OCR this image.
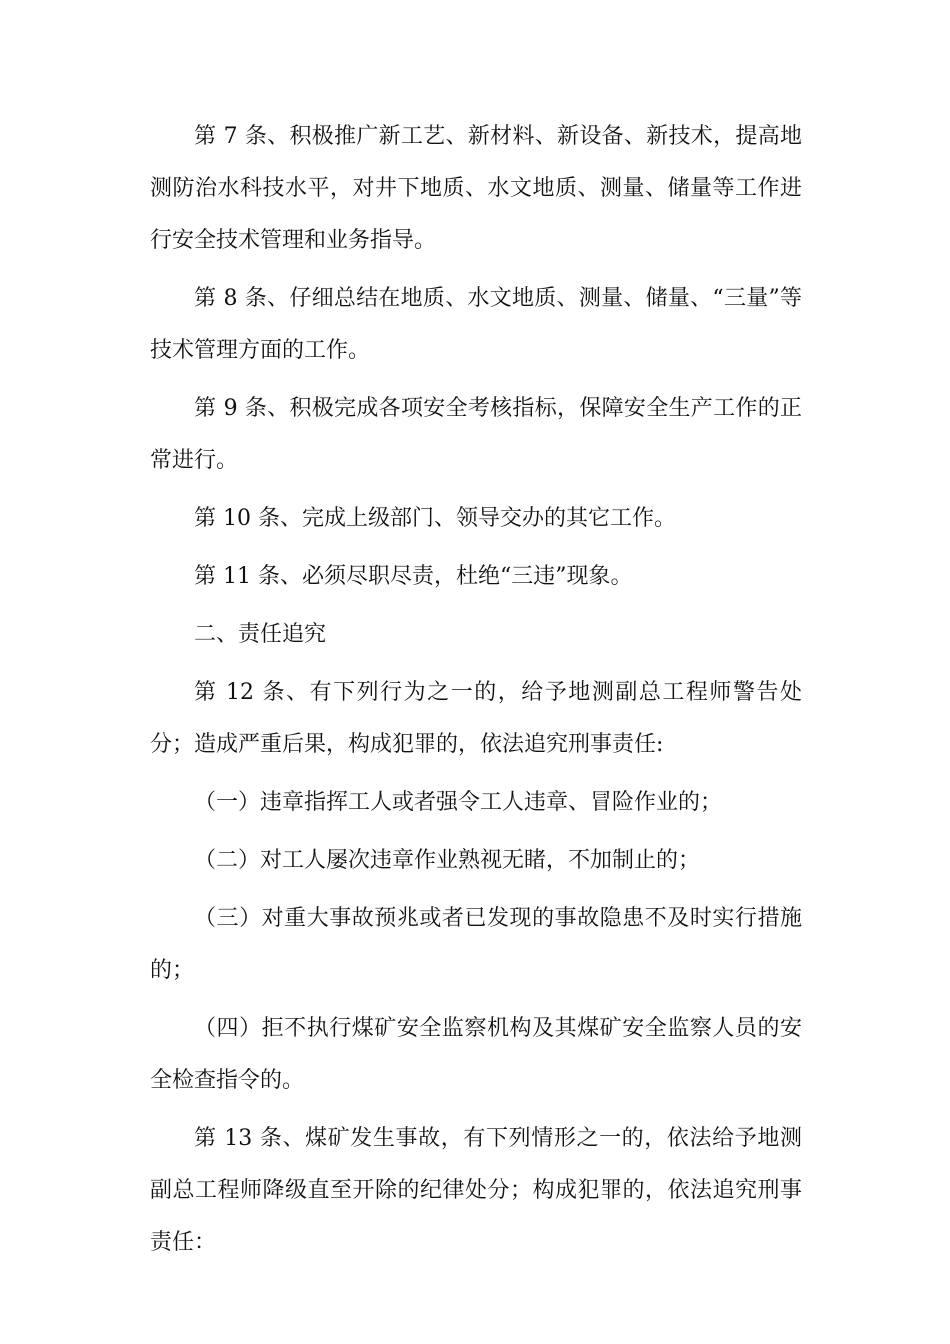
第 7 条、积极推广新工艺、新材料、新设备、新技术，提高地测防治水科技水平，对井下地质、水文地质、测量、储量等工作进行安全技术管理和业务指导。

第 8 条、仔细总结在地质、水文地质、测量、储量、“三量”等技术管理方面的工作。

第 9 条、积极完成各项安全考核指标，保障安全生产工作的正常进行。

第 10 条、完成上级部门、领导交办的其它工作。

第 11 条、必须尽职尽责，杜绝“三违”现象。

二、责任追究

第 12 条、有下列行为之一的，给予地测副总工程师警告处分；造成严重后果，构成犯罪的，依法追究刑事责任:

（一）违章指挥工人或者强令工人违章、冒险作业的；

（二）对工人屡次违章作业熟视无睹，不加制止的；

（三）对重大事故预兆或者已发现的事故隐患不及时实行措施的；

（四）拒不执行煤矿安全监察机构及其煤矿安全监察人员的安全检查指令的。

第 13 条、煤矿发生事故，有下列情形之一的，依法给予地测副总工程师降级直至开除的纪律处分；构成犯罪的，依法追究刑事责任：
